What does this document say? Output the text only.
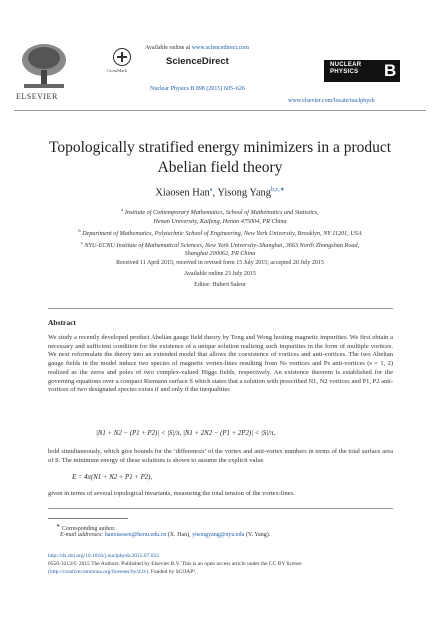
ELSEVIER
CrossMark
Available online at www.sciencedirect.com
ScienceDirect
Nuclear Physics B 898 (2015) 605–626
NUCLEAR
PHYSICS B
www.elsevier.com/locate/nuclphysb
Topologically stratified energy minimizers in a product
Abelian field theory
Xiaosen Han$^a$, Yisong Yang$^{b,c,∗}$
$^a$ Institute of Contemporary Mathematics, School of Mathematics and Statistics,
Henan University, Kaifeng, Henan 475004, PR China
$^b$ Department of Mathematics, Polytechnic School of Engineering, New York University, Brooklyn, NY 11201, USA
$^c$ NYU-ECNU Institute of Mathematical Sciences, New York University–Shanghai, 3663 North Zhongshan Road,
Shanghai 200062, PR China
Received 11 April 2015; received in revised form 15 July 2015; accepted 20 July 2015
Available online 23 July 2015
Editor: Hubert Saleur
Abstract
We study a recently developed product Abelian gauge field theory by Tong and Wong hosting magnetic impurities. We first obtain a necessary and sufficient condition for the existence of a unique solution realizing such impurities in the form of multiple vortices. We next reformulate the theory into an extended model that allows the coexistence of vortices and anti-vortices. The two Abelian gauge fields in the model induce two species of magnetic vortex-lines resulting from Ns vortices and Ps anti-vortices (s = 1, 2) realized as the zeros and poles of two complex-valued Higgs fields, respectively. An existence theorem is established for the governing equations over a compact Riemann surface S which states that a solution with prescribed N1, N2 vortices and P1, P2 anti-vortices of two designated species exists if and only if the inequalities
|N1 + N2 − (P1 + P2)| < |S|/π, |N1 + 2N2 − (P1 + 2P2)| < |S|/π,
hold simultaneously, which give bounds for the ‘differences’ of the vortex and anti-vortex numbers in terms of the total surface area of S. The minimum energy of these solutions is shown to assume the explicit value
E = 4π(N1 + N2 + P1 + P2),
given in terms of several topological invariants, measuring the total tension of the vortex-lines.
∗ Corresponding author.
E-mail addresses: hanxiaosen@henu.edu.cn (X. Han), yisongyang@nyu.edu (Y. Yang).
http://dx.doi.org/10.1016/j.nuclphysb.2015.07.022
0550-3213/© 2015 The Authors. Published by Elsevier B.V. This is an open access article under the CC BY license
(http://creativecommons.org/licenses/by/4.0/). Funded by SCOAP³.
